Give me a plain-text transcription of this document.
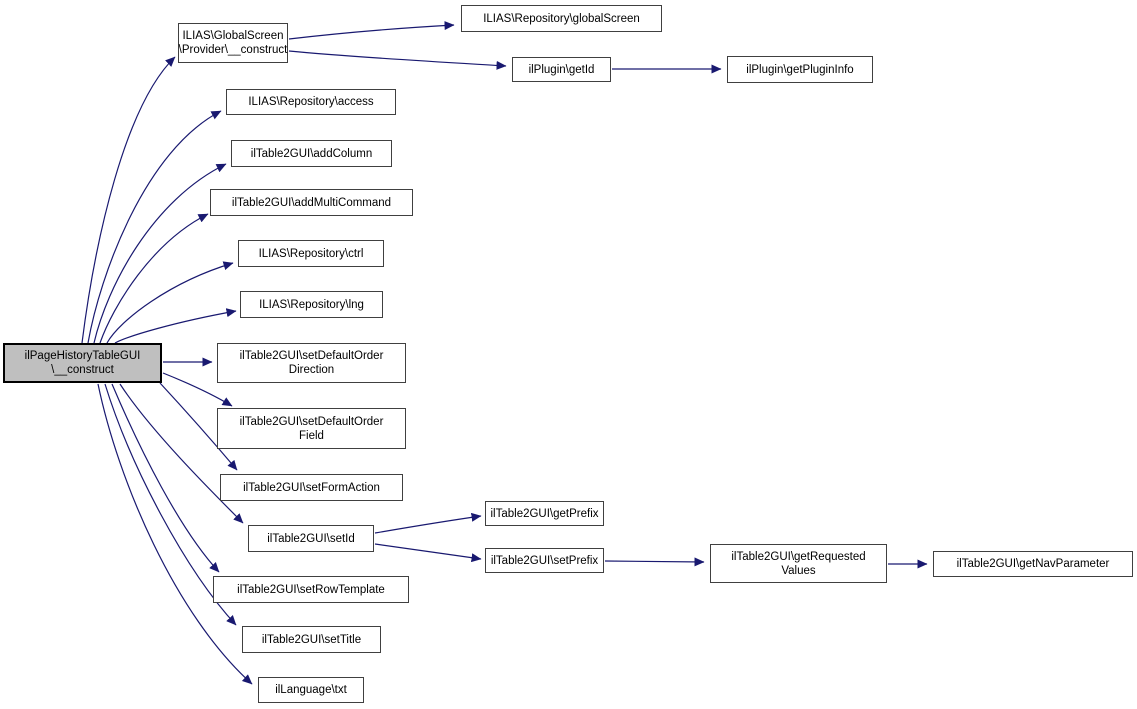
ilPageHistoryTableGUI
\__construct
ILIAS\GlobalScreen
\Provider\__construct
ILIAS\Repository\globalScreen
ilPlugin\getId	ilPlugin\getPluginInfo
ILIAS\Repository\access
ilTable2GUI\addColumn
ilTable2GUI\addMultiCommand
ILIAS\Repository\ctrl
ILIAS\Repository\lng
ilTable2GUI\setDefaultOrder
Direction
ilTable2GUI\setDefaultOrder
Field
ilTable2GUI\setFormAction
ilTable2GUI\setId
ilTable2GUI\setRowTemplate
ilTable2GUI\setTitle
ilLanguage\txt
ilTable2GUI\getPrefix
ilTable2GUI\setPrefix	ilTable2GUI\getRequested
Values
ilTable2GUI\getNavParameter
